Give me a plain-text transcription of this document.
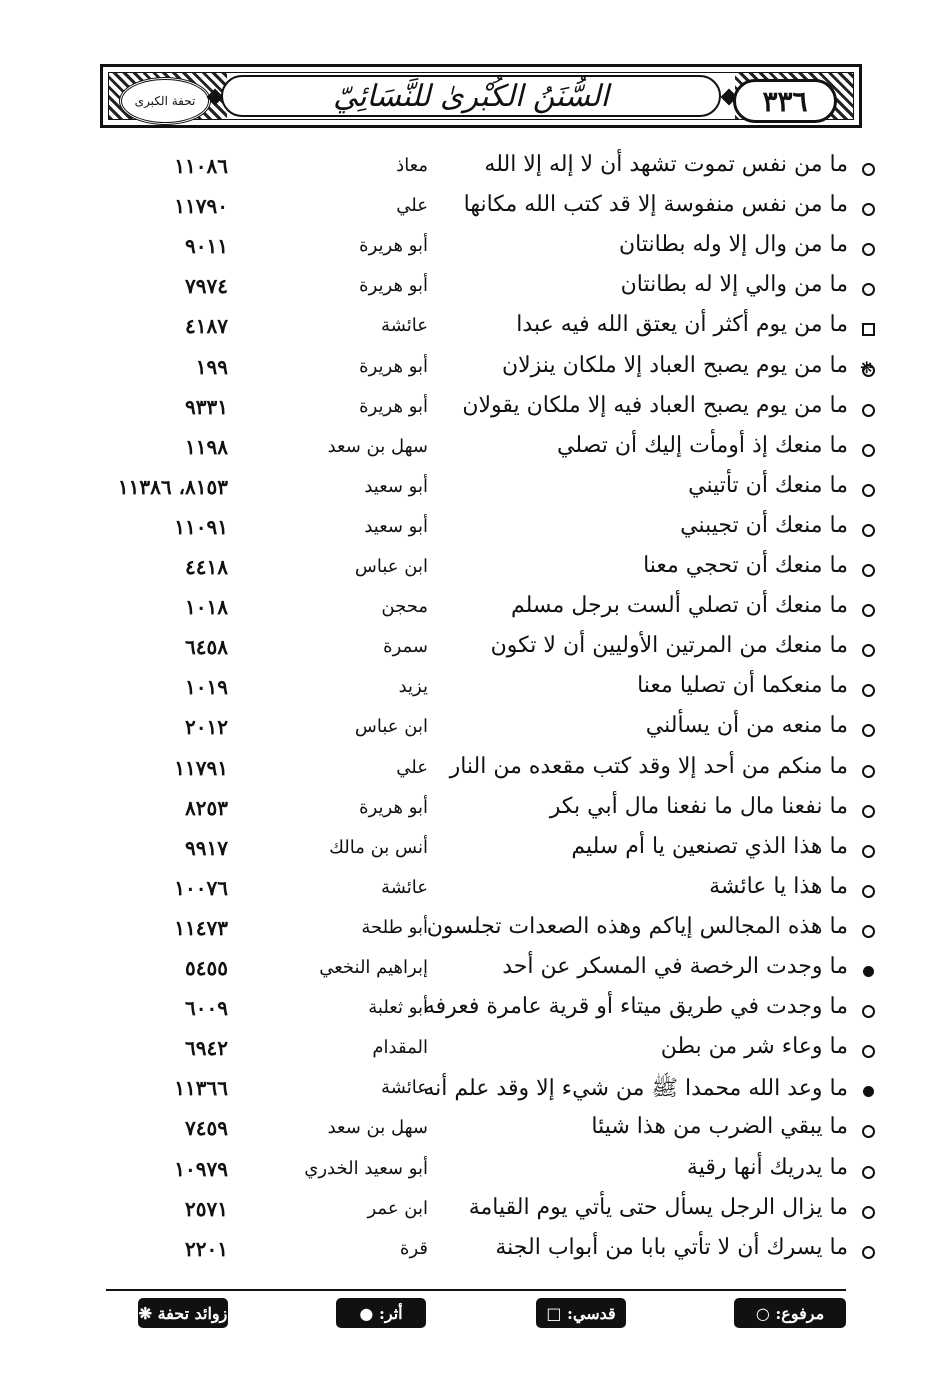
تحفة الكبرى	السُّنَنُ الكُبْرىٰ للنَّسَائِيّ	٣٣٦
ما من نفس تموت تشهد أن لا إله إلا الله
معاذ
١١٠٨٦
ما من نفس منفوسة إلا قد كتب الله مكانها
علي
١١٧٩٠
ما من وال إلا وله بطانتان
أبو هريرة
٩٠١١
ما من والي إلا له بطانتان
أبو هريرة
٧٩٧٤
ما من يوم أكثر أن يعتق الله فيه عبدا
عائشة
٤١٨٧
❋
ما من يوم يصبح العباد إلا ملكان ينزلان
أبو هريرة
١٩٩
ما من يوم يصبح العباد فيه إلا ملكان يقولان
أبو هريرة
٩٣٣١
ما منعك إذ أومأت إليك أن تصلي
سهل بن سعد
١١٩٨
ما منعك أن تأتيني
أبو سعيد
٨١٥٣، ١١٣٨٦
ما منعك أن تجيبني
أبو سعيد
١١٠٩١
ما منعك أن تحجي معنا
ابن عباس
٤٤١٨
ما منعك أن تصلي ألست برجل مسلم
محجن
١٠١٨
ما منعك من المرتين الأوليين أن لا تكون
سمرة
٦٤٥٨
ما منعكما أن تصليا معنا
يزيد
١٠١٩
ما منعه من أن يسألني
ابن عباس
٢٠١٢
ما منكم من أحد إلا وقد كتب مقعده من النار
علي
١١٧٩١
ما نفعنا مال ما نفعنا مال أبي بكر
أبو هريرة
٨٢٥٣
ما هذا الذي تصنعين يا أم سليم
أنس بن مالك
٩٩١٧
ما هذا يا عائشة
عائشة
١٠٠٧٦
ما هذه المجالس إياكم وهذه الصعدات تجلسون
أبو طلحة
١١٤٧٣
ما وجدت الرخصة في المسكر عن أحد
إبراهيم النخعي
٥٤٥٥
ما وجدت في طريق ميتاء أو قرية عامرة فعرفه
أبو ثعلبة
٦٠٠٩
ما وعاء شر من بطن
المقدام
٦٩٤٢
ما وعد الله محمدا ﷺ من شيء إلا وقد علم أنه
عائشة
١١٣٦٦
ما يبقي الضرب من هذا شيئا
سهل بن سعد
٧٤٥٩
ما يدريك أنها رقية
أبو سعيد الخدري
١٠٩٧٩
ما يزال الرجل يسأل حتى يأتي يوم القيامة
ابن عمر
٢٥٧١
ما يسرك أن لا تأتي بابا من أبواب الجنة
قرة
٢٢٠١
مرفوع: ○
قدسي: □
أثر: ●
زوائد تحفة ❋
